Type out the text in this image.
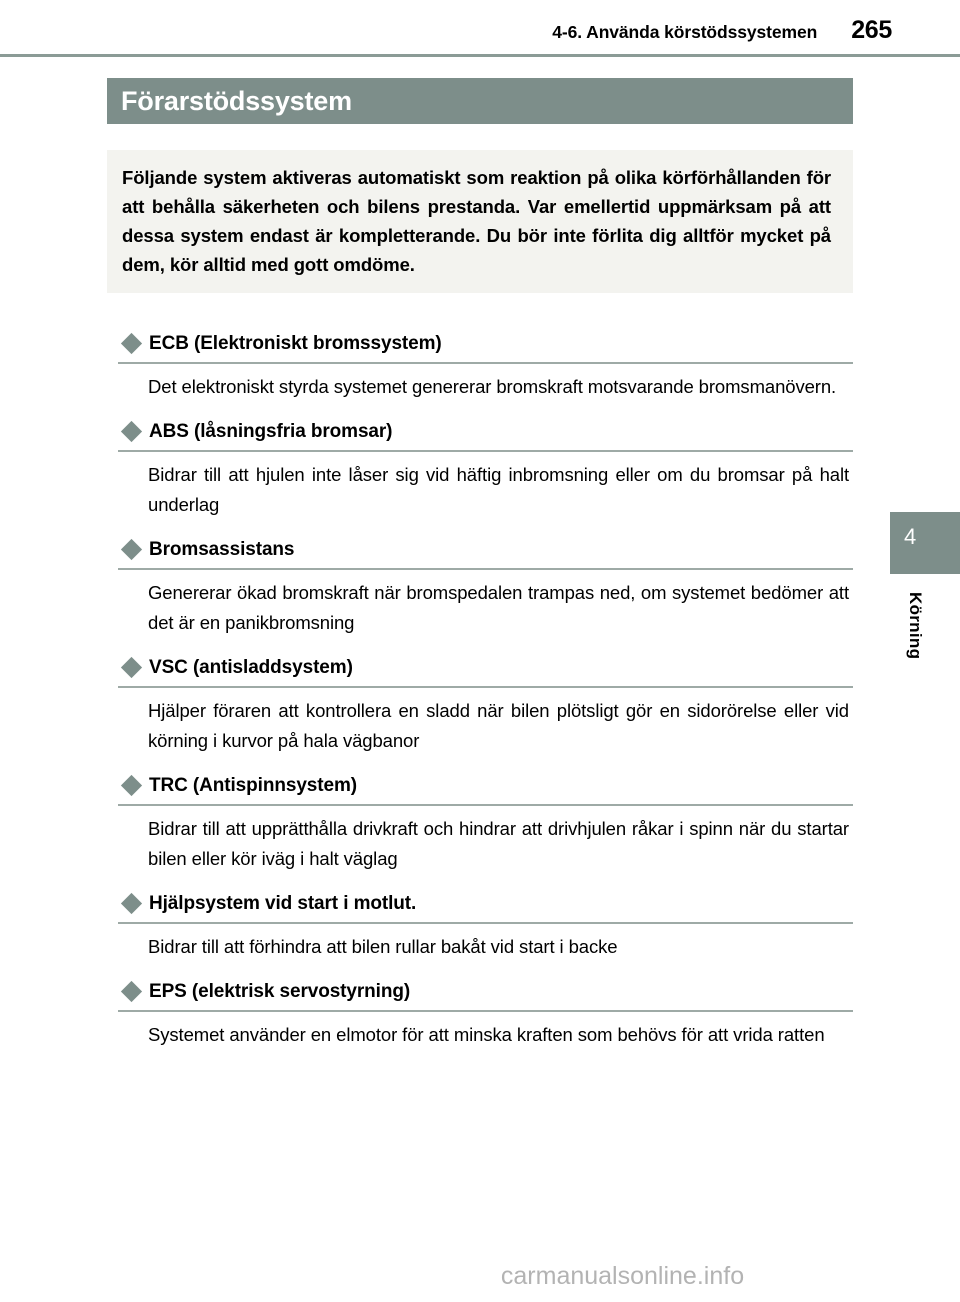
4-6. Använda körstödssystemen 265
4
Körning
Förarstödssystem

Följande system aktiveras automatiskt som reaktion på olika körförhållanden för att behålla säkerheten och bilens prestanda. Var emellertid uppmärksam på att dessa system endast är kompletterande. Du bör inte förlita dig alltför mycket på dem, kör alltid med gott omdöme.

ECB (Elektroniskt bromssystem)

Det elektroniskt styrda systemet genererar bromskraft motsvarande bromsmanövern.

ABS (låsningsfria bromsar)

Bidrar till att hjulen inte låser sig vid häftig inbromsning eller om du bromsar på halt underlag

Bromsassistans

Genererar ökad bromskraft när bromspedalen trampas ned, om systemet bedömer att det är en panikbromsning

VSC (antisladdsystem)

Hjälper föraren att kontrollera en sladd när bilen plötsligt gör en sidorörelse eller vid körning i kurvor på hala vägbanor

TRC (Antispinnsystem)

Bidrar till att upprätthålla drivkraft och hindrar att drivhjulen råkar i spinn när du startar bilen eller kör iväg i halt väglag

Hjälpsystem vid start i motlut.

Bidrar till att förhindra att bilen rullar bakåt vid start i backe

EPS (elektrisk servostyrning)

Systemet använder en elmotor för att minska kraften som behövs för att vrida ratten

carmanualsonline.info
